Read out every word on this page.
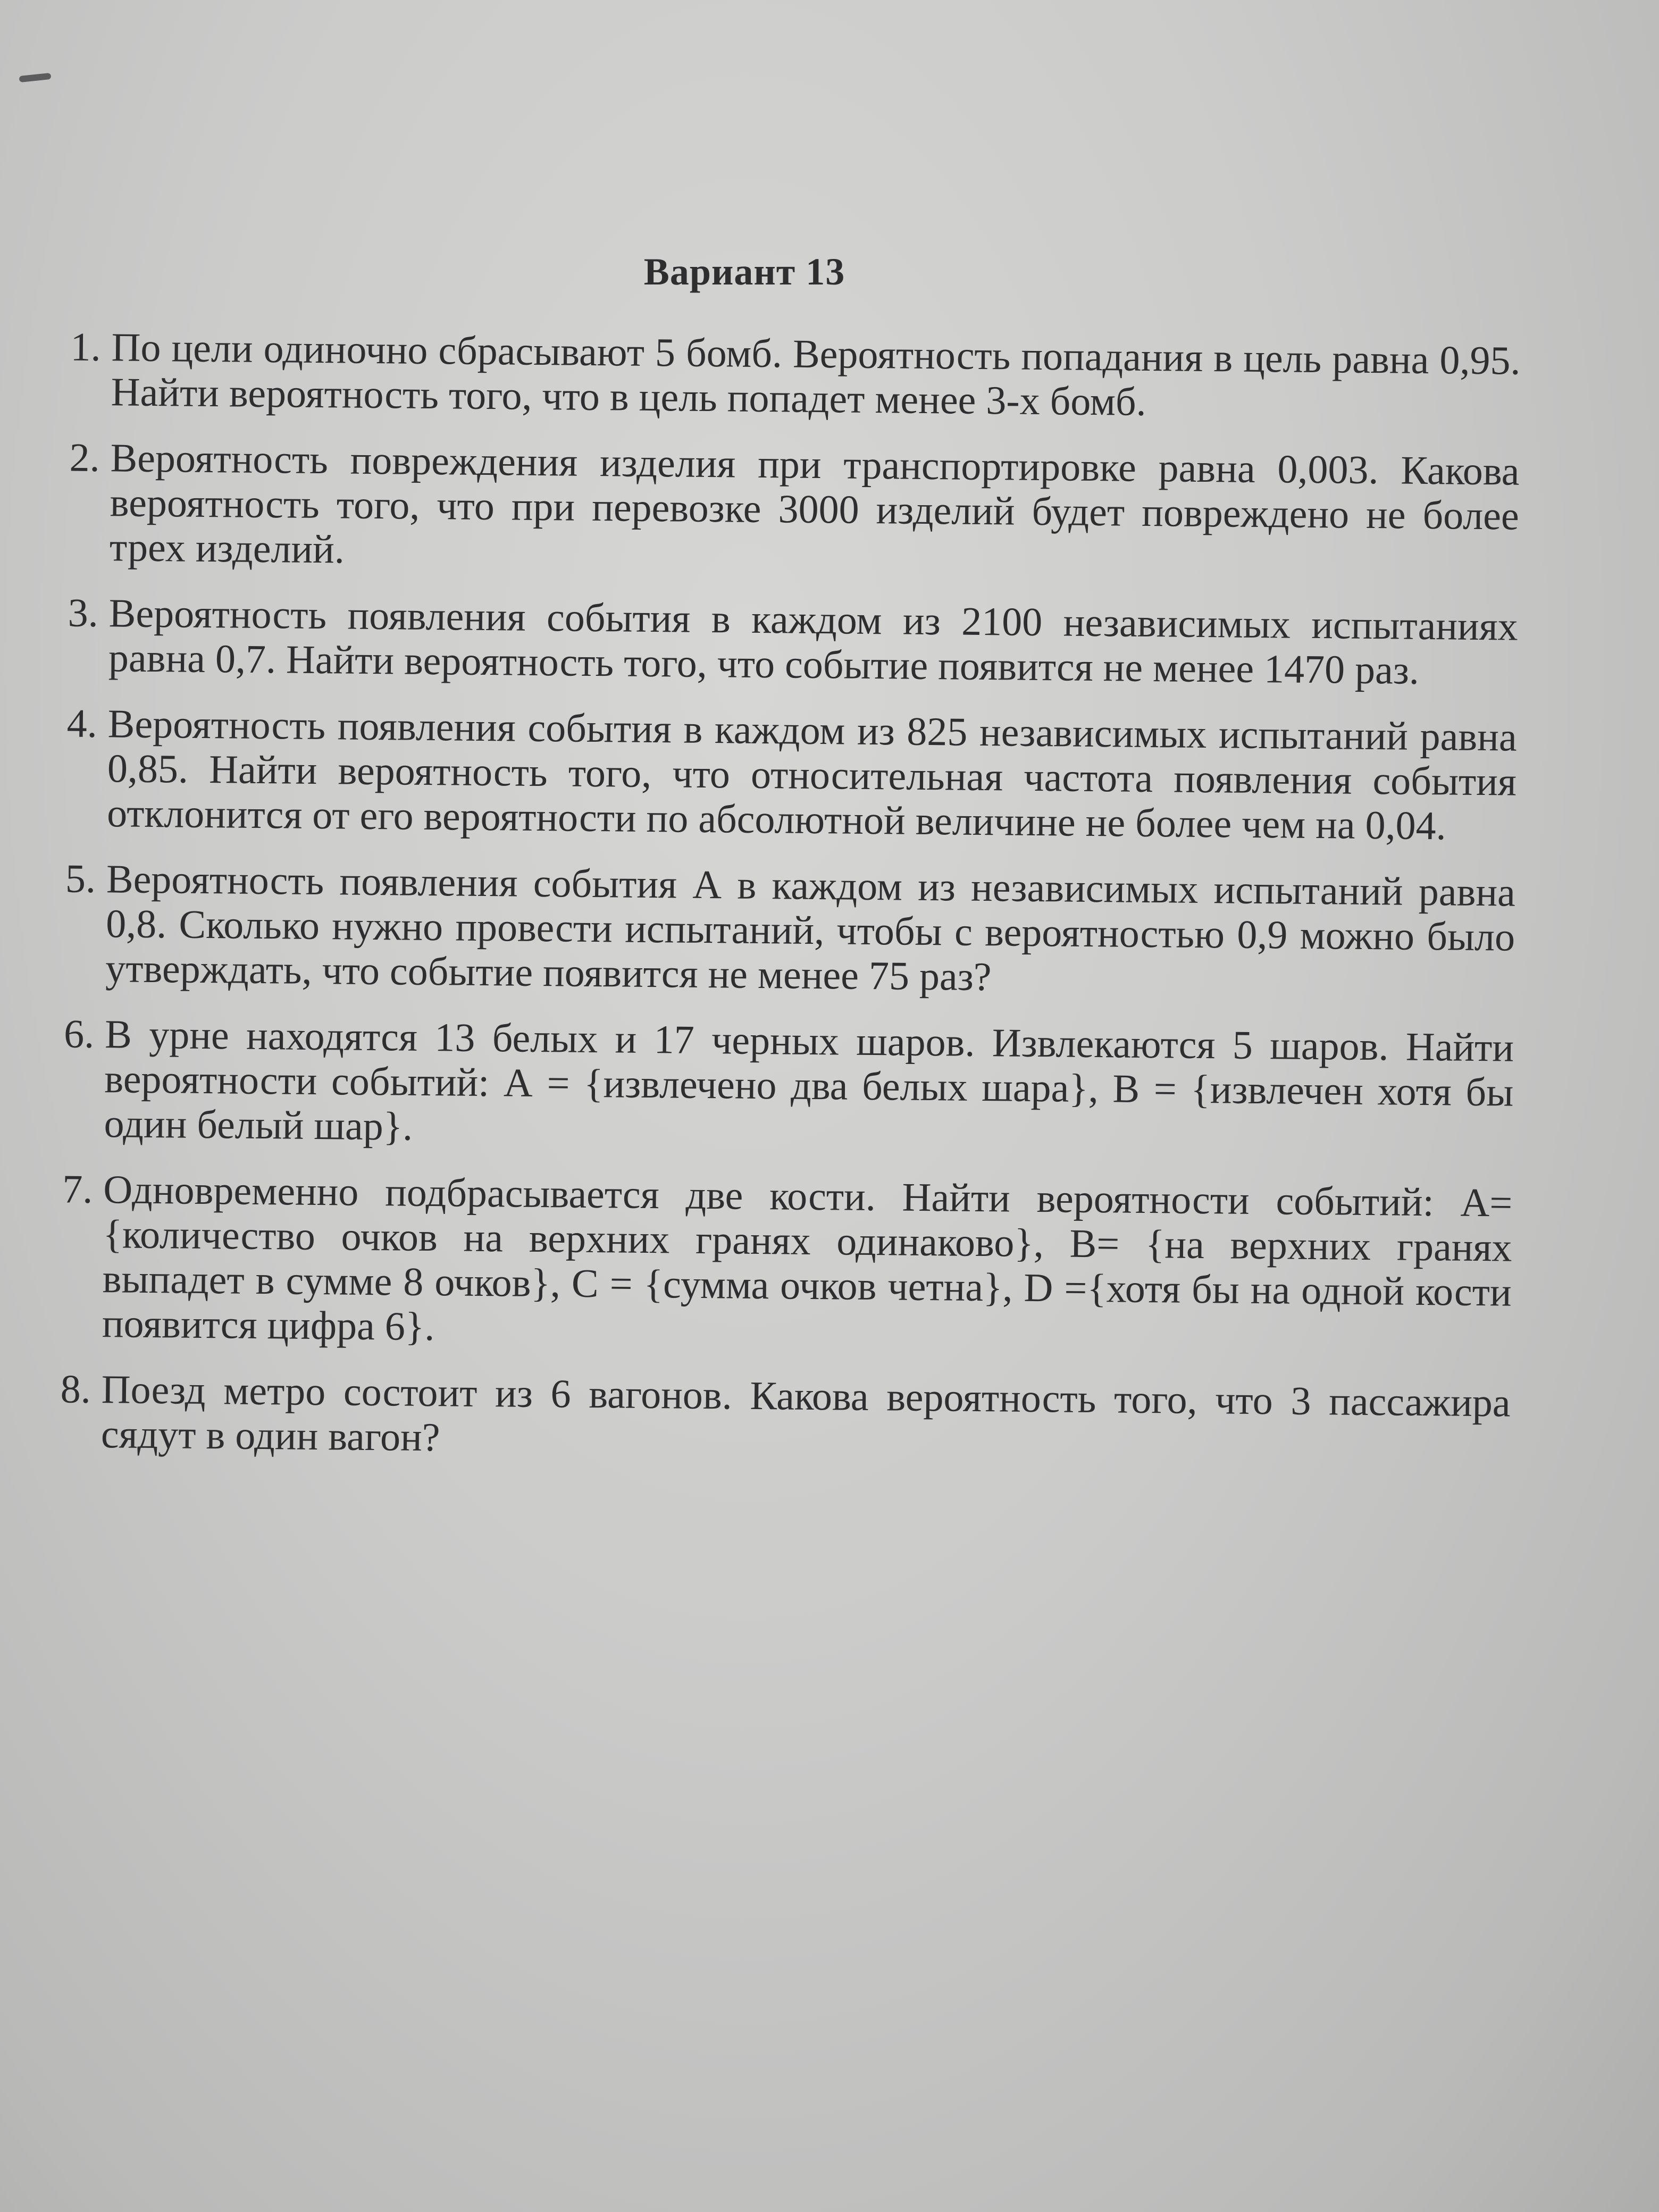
Вариант 13
1. По цели одиночно сбрасывают 5 бомб. Вероятность попадания в цель равна 0,95. Найти вероятность того, что в цель попадет менее 3-х бомб.
2. Вероятность повреждения изделия при транспортировке равна 0,003. Какова вероятность того, что при перевозке 3000 изделий будет повреждено не более трех изделий.
3. Вероятность появления события в каждом из 2100 независимых испытаниях равна 0,7. Найти вероятность того, что событие появится не менее 1470 раз.
4. Вероятность появления события в каждом из 825 независимых испытаний равна 0,85. Найти вероятность того, что относительная частота появления события отклонится от его вероятности по абсолютной величине не более чем на 0,04.
5. Вероятность появления события А в каждом из независимых испытаний равна 0,8. Сколько нужно провести испытаний, чтобы с вероятностью 0,9 можно было утверждать, что событие появится не менее 75 раз?
6. В урне находятся 13 белых и 17 черных шаров. Извлекаются 5 шаров. Найти вероятности событий: А = {извлечено два белых шара}, В = {извлечен хотя бы один белый шар}.
7. Одновременно подбрасывается две кости. Найти вероятности событий: А= {количество очков на верхних гранях одинаково}, В= {на верхних гранях выпадет в сумме 8 очков}, С = {сумма очков четна}, D ={хотя бы на одной кости появится цифра 6}.
8. Поезд метро состоит из 6 вагонов. Какова вероятность того, что 3 пассажира сядут в один вагон?
